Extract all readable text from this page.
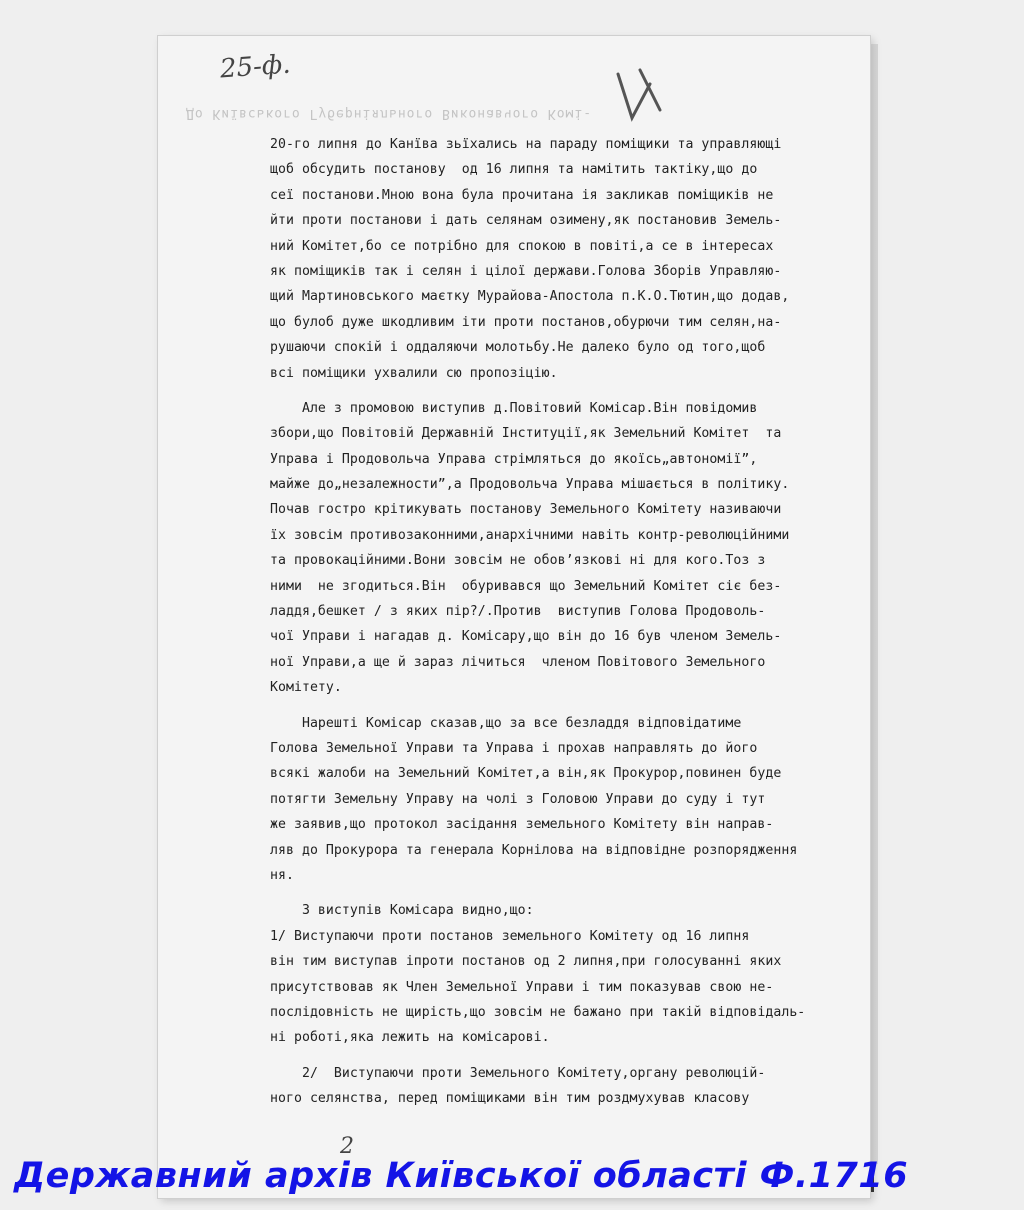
До Київського Губерніяльного Виконавчого Комі-
25-ф.
20-го липня до Канїва зьїхались на параду поміщики та управляющі
щоб обсудить постанову  од 16 липня та намітить тактіку,що до
сеї постанови.Мною вона була прочитана ія закликав поміщиків не
йти проти постанови і дать селянам озимену,як постановив Земель-
ний Комітет,бо се потрібно для спокою в повіті,а се в інтересах
як поміщиків так і селян і цілої держави.Голова Зборів Управляю-
щий Мартиновського маєтку Мурайова-Апостола п.К.О.Тютин,що додав,
що булоб дуже шкодливим іти проти постанов,обурючи тим селян,на-
рушаючи спокій і оддаляючи молотьбу.Не далеко було од того,щоб
всі поміщики ухвалили сю пропозіцію.
Але з промовою виступив д.Повітовий Комісар.Він повідомив
збори,що Повітовій Державній Інституції,як Земельний Комітет  та
Управа і Продовольча Управа стрімляться до якоїсь„автономії”,
майже до„незалежности”,а Продовольча Управа мішається в політику.
Почав гостро крітикувать постанову Земельного Комітету називаючи
їх зовсім противозаконними,анархічними навіть контр-революційними
та провокаційними.Вони зовсім не обов’язкові ні для кого.Тоз з
ними  не згодиться.Він  обуривався що Земельний Комітет сіє без-
ладдя,бешкет / з яких пір?/.Против  виступив Голова Продоволь-
чої Управи і нагадав д. Комісару,що він до 16 був членом Земель-
ної Управи,а ще й зараз лічиться  членом Повітового Земельного
Комітету.
Нарешті Комісар сказав,що за все безладдя відповідатиме
Голова Земельної Управи та Управа і прохав направлять до його
всякі жалоби на Земельний Комітет,а він,як Прокурор,повинен буде
потягти Земельну Управу на чолі з Головою Управи до суду і тут
же заявив,що протокол засідання земельного Комітету він направ-
ляв до Прокурора та генерала Корнілова на відповідне розпорядження
ня.
З виступів Комісара видно,що:
1/ Виступаючи проти постанов земельного Комітету од 16 липня
він тим виступав іпроти постанов од 2 липня,при голосуванні яких
присутствовав як Член Земельної Управи і тим показував свою не-
послідовність не щирість,що зовсім не бажано при такій відповідаль-
ні роботі,яка лежить на комісарові.
2/  Виступаючи проти Земельного Комітету,органу революцій-
ного селянства, перед поміщиками він тим роздмухував класову
2
Державний архів Київської області Ф.1716
